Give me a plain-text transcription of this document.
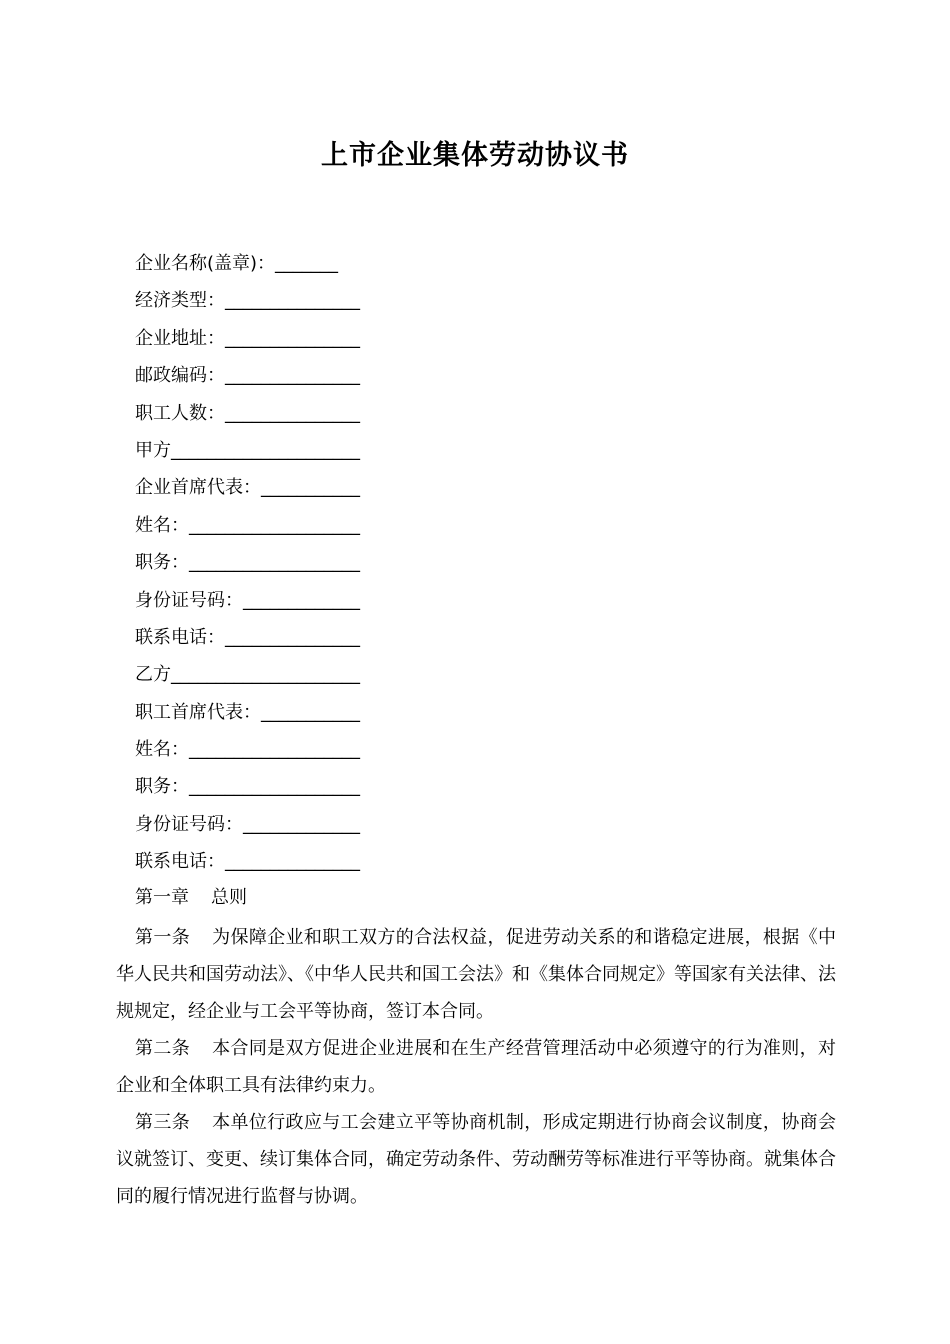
上市企业集体劳动协议书
企业名称(盖章)：_______
经济类型：_______________
企业地址：_______________
邮政编码：_______________
职工人数：_______________
甲方_____________________
企业首席代表：___________
姓名：___________________
职务：___________________
身份证号码：_____________
联系电话：_______________
乙方_____________________
职工首席代表：___________
姓名：___________________
职务：___________________
身份证号码：_____________
联系电话：_______________
第一章 总则

第一条 为保障企业和职工双方的合法权益，促进劳动关系的和谐稳定进展，根据《中华人民共和国劳动法》、《中华人民共和国工会法》和《集体合同规定》等国家有关法律、法规规定，经企业与工会平等协商，签订本合同。

第二条 本合同是双方促进企业进展和在生产经营管理活动中必须遵守的行为准则，对企业和全体职工具有法律约束力。

第三条 本单位行政应与工会建立平等协商机制，形成定期进行协商会议制度，协商会议就签订、变更、续订集体合同，确定劳动条件、劳动酬劳等标准进行平等协商。就集体合同的履行情况进行监督与协调。
